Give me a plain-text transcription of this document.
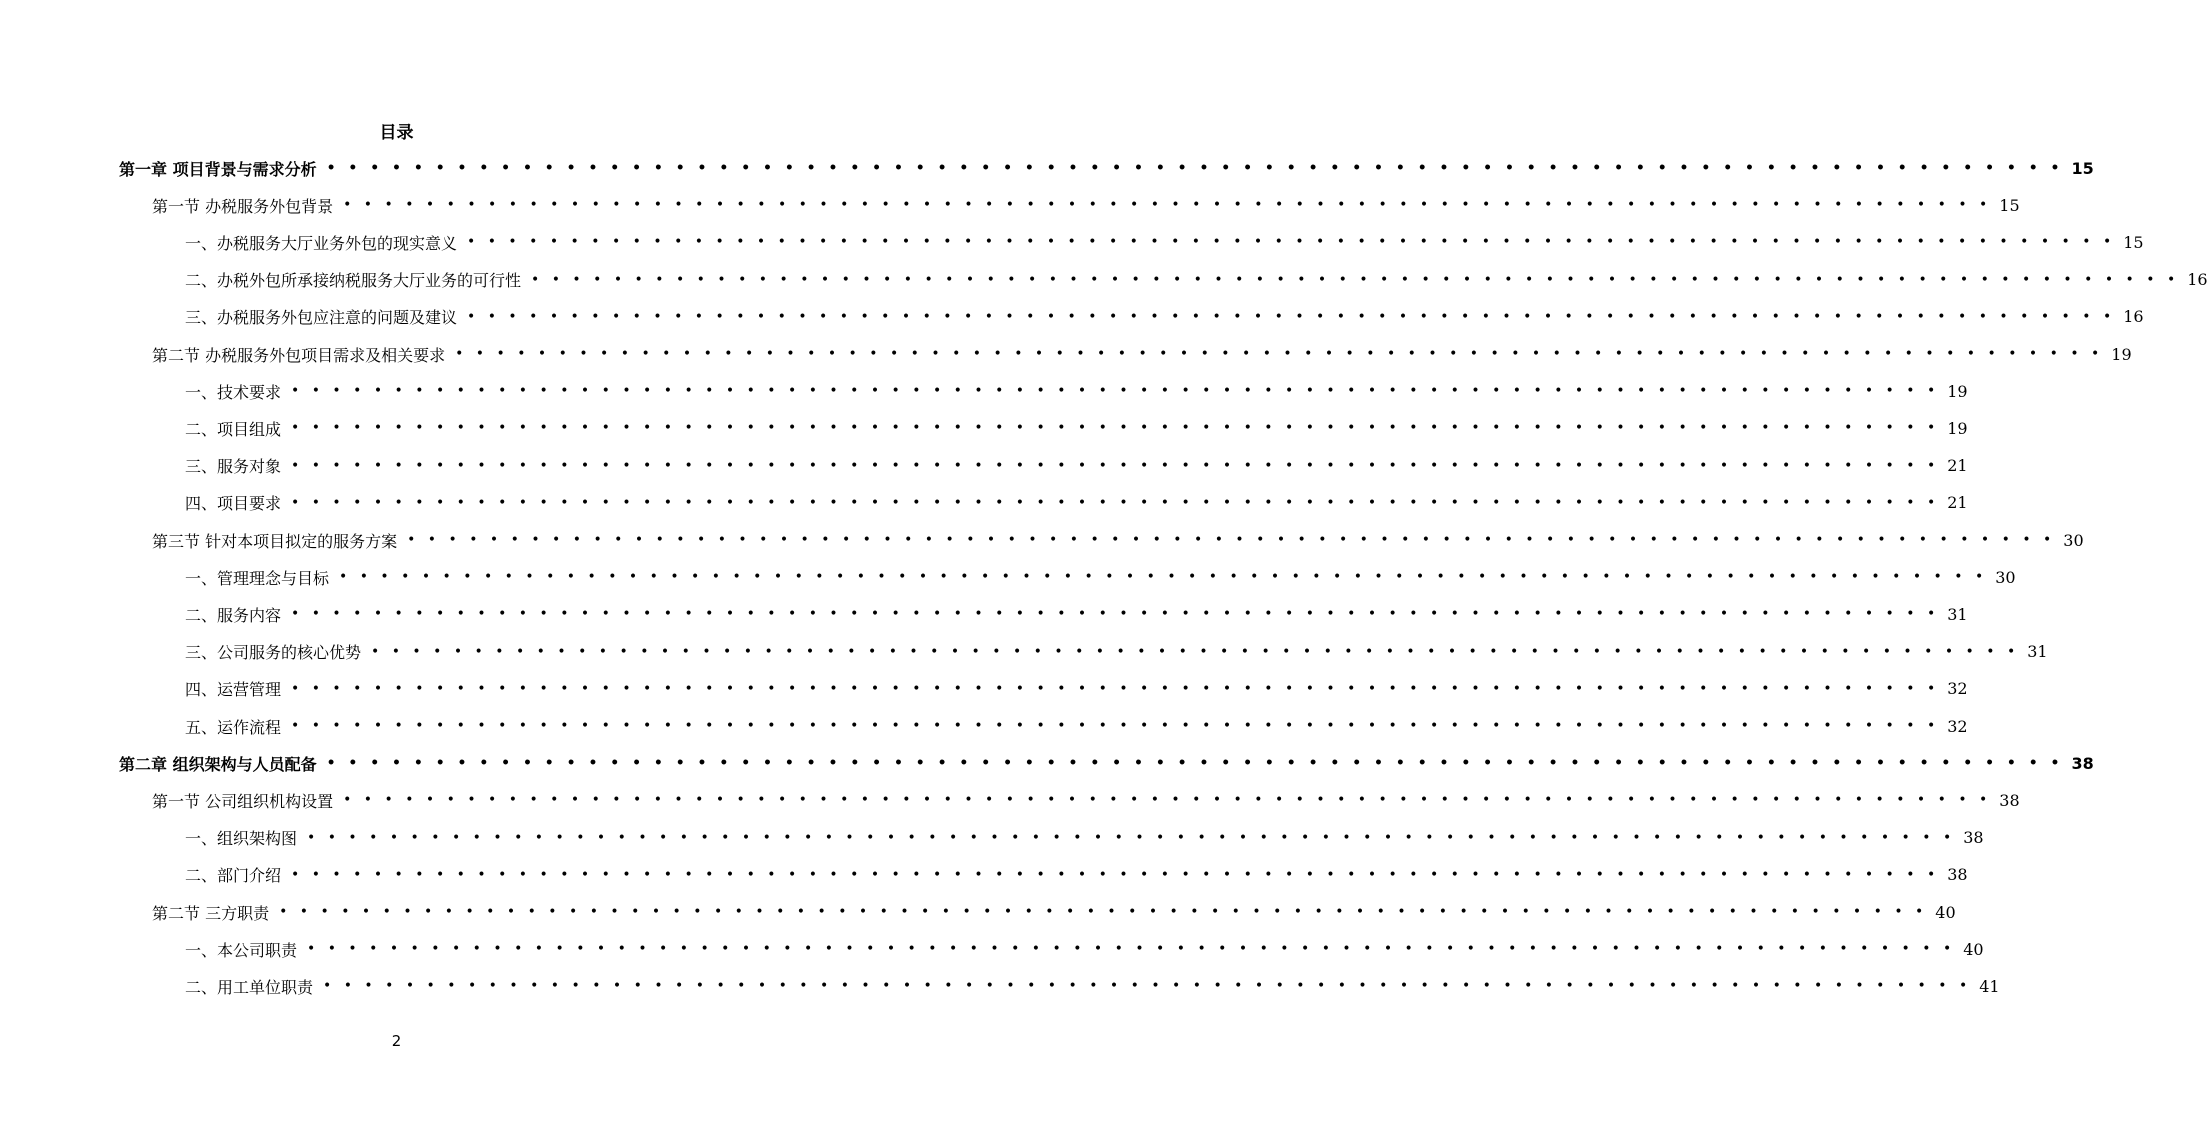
目录
第一章 项目背景与需求分析 • • • • • • • • • • • • • • • • • • • • • • • • • • • • • • • • • • • • • • • • • • • • • • • • • • • • • • • • • • • • • • • • • • • • • • • • • • • • • • • • 15
第一节 办税服务外包背景 • • • • • • • • • • • • • • • • • • • • • • • • • • • • • • • • • • • • • • • • • • • • • • • • • • • • • • • • • • • • • • • • • • • • • • • • • • • • • • • • 15
一、办税服务大厅业务外包的现实意义 • • • • • • • • • • • • • • • • • • • • • • • • • • • • • • • • • • • • • • • • • • • • • • • • • • • • • • • • • • • • • • • • • • • • • • • • • • • • • • • • 15
二、办税外包所承接纳税服务大厅业务的可行性 • • • • • • • • • • • • • • • • • • • • • • • • • • • • • • • • • • • • • • • • • • • • • • • • • • • • • • • • • • • • • • • • • • • • • • • • • • • • • • • • 16
三、办税服务外包应注意的问题及建议 • • • • • • • • • • • • • • • • • • • • • • • • • • • • • • • • • • • • • • • • • • • • • • • • • • • • • • • • • • • • • • • • • • • • • • • • • • • • • • • • 16
第二节 办税服务外包项目需求及相关要求 • • • • • • • • • • • • • • • • • • • • • • • • • • • • • • • • • • • • • • • • • • • • • • • • • • • • • • • • • • • • • • • • • • • • • • • • • • • • • • • • 19
一、技术要求 • • • • • • • • • • • • • • • • • • • • • • • • • • • • • • • • • • • • • • • • • • • • • • • • • • • • • • • • • • • • • • • • • • • • • • • • • • • • • • • • 19
二、项目组成 • • • • • • • • • • • • • • • • • • • • • • • • • • • • • • • • • • • • • • • • • • • • • • • • • • • • • • • • • • • • • • • • • • • • • • • • • • • • • • • • 19
三、服务对象 • • • • • • • • • • • • • • • • • • • • • • • • • • • • • • • • • • • • • • • • • • • • • • • • • • • • • • • • • • • • • • • • • • • • • • • • • • • • • • • • 21
四、项目要求 • • • • • • • • • • • • • • • • • • • • • • • • • • • • • • • • • • • • • • • • • • • • • • • • • • • • • • • • • • • • • • • • • • • • • • • • • • • • • • • • 21
第三节 针对本项目拟定的服务方案 • • • • • • • • • • • • • • • • • • • • • • • • • • • • • • • • • • • • • • • • • • • • • • • • • • • • • • • • • • • • • • • • • • • • • • • • • • • • • • • • 30
一、管理理念与目标 • • • • • • • • • • • • • • • • • • • • • • • • • • • • • • • • • • • • • • • • • • • • • • • • • • • • • • • • • • • • • • • • • • • • • • • • • • • • • • • • 30
二、服务内容 • • • • • • • • • • • • • • • • • • • • • • • • • • • • • • • • • • • • • • • • • • • • • • • • • • • • • • • • • • • • • • • • • • • • • • • • • • • • • • • • 31
三、公司服务的核心优势 • • • • • • • • • • • • • • • • • • • • • • • • • • • • • • • • • • • • • • • • • • • • • • • • • • • • • • • • • • • • • • • • • • • • • • • • • • • • • • • • 31
四、运营管理 • • • • • • • • • • • • • • • • • • • • • • • • • • • • • • • • • • • • • • • • • • • • • • • • • • • • • • • • • • • • • • • • • • • • • • • • • • • • • • • • 32
五、运作流程 • • • • • • • • • • • • • • • • • • • • • • • • • • • • • • • • • • • • • • • • • • • • • • • • • • • • • • • • • • • • • • • • • • • • • • • • • • • • • • • • 32
第二章 组织架构与人员配备 • • • • • • • • • • • • • • • • • • • • • • • • • • • • • • • • • • • • • • • • • • • • • • • • • • • • • • • • • • • • • • • • • • • • • • • • • • • • • • • • 38
第一节 公司组织机构设置 • • • • • • • • • • • • • • • • • • • • • • • • • • • • • • • • • • • • • • • • • • • • • • • • • • • • • • • • • • • • • • • • • • • • • • • • • • • • • • • • 38
一、组织架构图 • • • • • • • • • • • • • • • • • • • • • • • • • • • • • • • • • • • • • • • • • • • • • • • • • • • • • • • • • • • • • • • • • • • • • • • • • • • • • • • • 38
二、部门介绍 • • • • • • • • • • • • • • • • • • • • • • • • • • • • • • • • • • • • • • • • • • • • • • • • • • • • • • • • • • • • • • • • • • • • • • • • • • • • • • • • 38
第二节 三方职责 • • • • • • • • • • • • • • • • • • • • • • • • • • • • • • • • • • • • • • • • • • • • • • • • • • • • • • • • • • • • • • • • • • • • • • • • • • • • • • • • 40
一、本公司职责 • • • • • • • • • • • • • • • • • • • • • • • • • • • • • • • • • • • • • • • • • • • • • • • • • • • • • • • • • • • • • • • • • • • • • • • • • • • • • • • • 40
二、用工单位职责 • • • • • • • • • • • • • • • • • • • • • • • • • • • • • • • • • • • • • • • • • • • • • • • • • • • • • • • • • • • • • • • • • • • • • • • • • • • • • • • • 41
2
